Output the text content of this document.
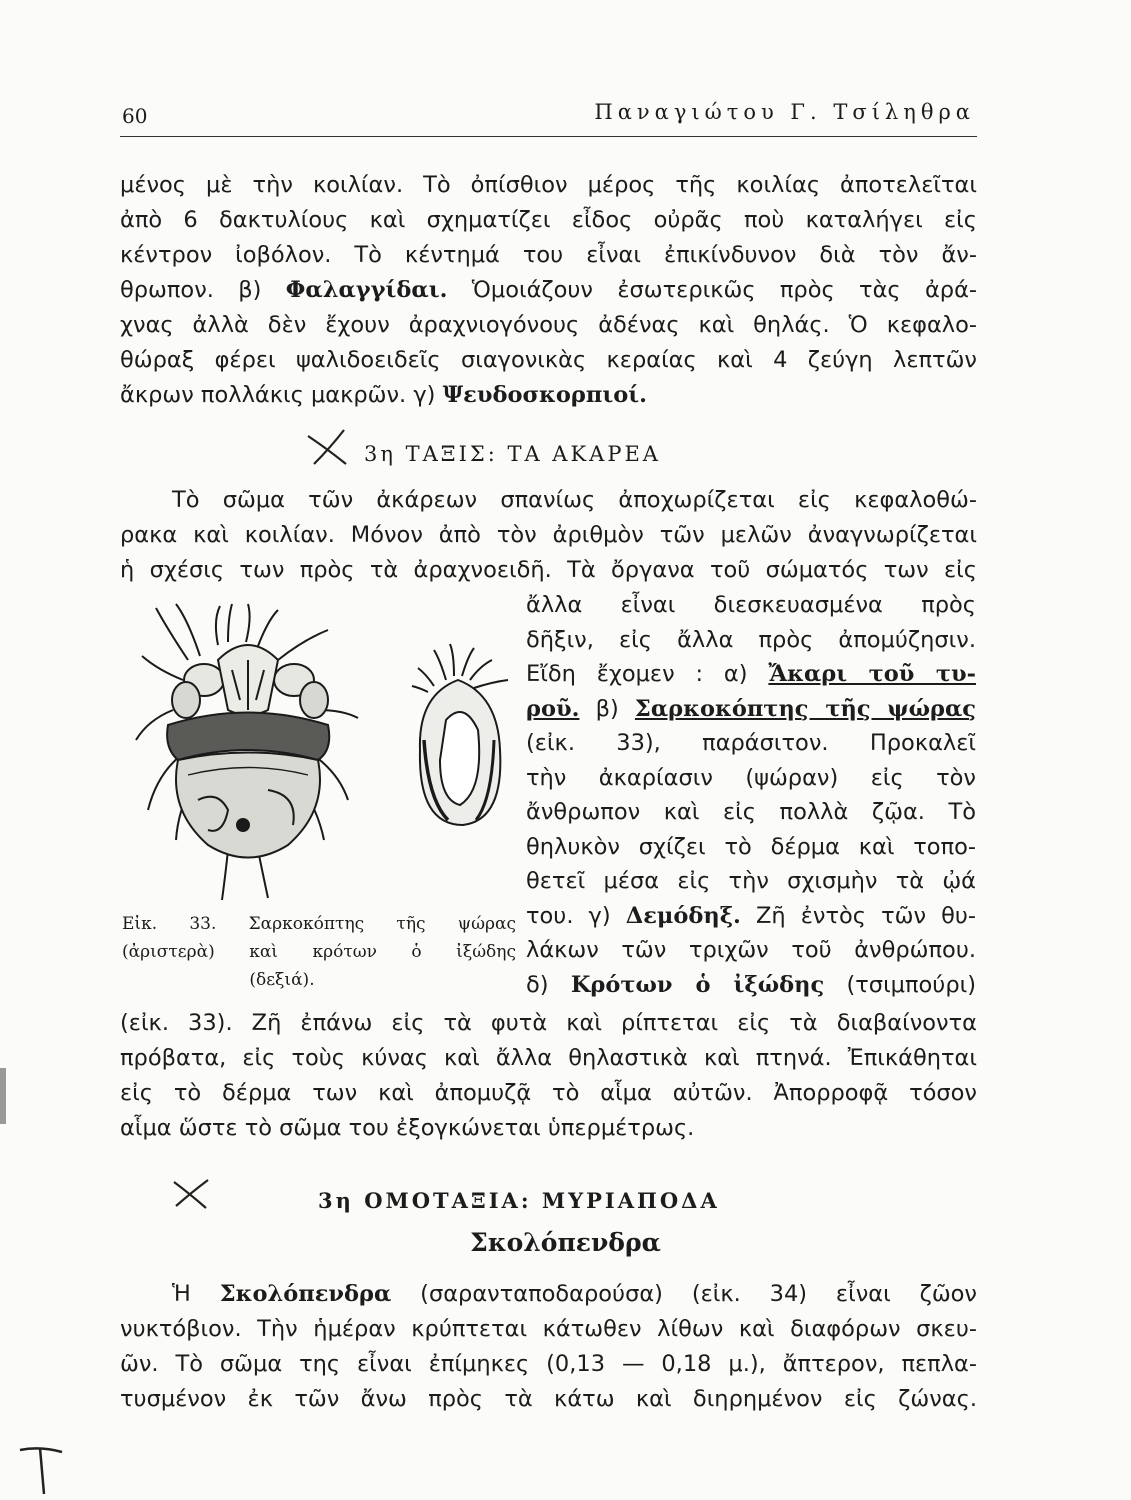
60	Παναγιώτου Γ. Τσίληθρα
μένος μὲ τὴν κοιλίαν. Τὸ ὀπίσθιον μέρος τῆς κοιλίας ἀποτελεῖται
ἀπὸ 6 δακτυλίους καὶ σχηματίζει εἶδος οὐρᾶς ποὺ καταλήγει εἰς
κέντρον ἰοβόλον. Τὸ κέντημά του εἶναι ἐπικίνδυνον διὰ τὸν ἄν-
θρωπον. β) Φαλαγγίδαι. Ὁμοιάζουν ἐσωτερικῶς πρὸς τὰς ἀρά-
χνας ἀλλὰ δὲν ἔχουν ἀραχνιογόνους ἀδένας καὶ θηλάς. Ὁ κεφαλο-
θώραξ φέρει ψαλιδοειδεῖς σιαγονικὰς κεραίας καὶ 4 ζεύγη λεπτῶν
ἄκρων πολλάκις μακρῶν. γ) Ψευδοσκορπιοί.
3η ΤΑΞΙΣ: ΤΑ ΑΚΑΡΕΑ
Τὸ σῶμα τῶν ἀκάρεων σπανίως ἀποχωρίζεται εἰς κεφαλοθώ-
ρακα καὶ κοιλίαν. Μόνον ἀπὸ τὸν ἀριθμὸν τῶν μελῶν ἀναγνωρίζεται
ἡ σχέσις των πρὸς τὰ ἀραχνοειδῆ. Τὰ ὄργανα τοῦ σώματός των εἰς
Εἰκ. 33. Σαρκοκόπτης τῆς ψώρας
(ἀριστερὰ) καὶ κρότων ὁ ἰξώδης
(δεξιά).
ἄλλα εἶναι διεσκευασμένα πρὸς
δῆξιν, εἰς ἄλλα πρὸς ἀπομύζησιν.
Εἴδη ἔχομεν : α) Ἄκαρι τοῦ τυ-
ροῦ. β) Σαρκοκόπτης τῆς ψώρας
(εἰκ. 33), παράσιτον. Προκαλεῖ
τὴν ἀκαρίασιν (ψώραν) εἰς τὸν
ἄνθρωπον καὶ εἰς πολλὰ ζῷα. Τὸ
θηλυκὸν σχίζει τὸ δέρμα καὶ τοπο-
θετεῖ μέσα εἰς τὴν σχισμὴν τὰ ᾠά
του. γ) Δεμόδηξ. Ζῆ ἐντὸς τῶν θυ-
λάκων τῶν τριχῶν τοῦ ἀνθρώπου.
δ) Κρότων ὁ ἰξώδης (τσιμπούρι)
(εἰκ. 33). Ζῆ ἐπάνω εἰς τὰ φυτὰ καὶ ρίπτεται εἰς τὰ διαβαίνοντα
πρόβατα, εἰς τοὺς κύνας καὶ ἄλλα θηλαστικὰ καὶ πτηνά. Ἐπικάθηται
εἰς τὸ δέρμα των καὶ ἀπομυζᾷ τὸ αἷμα αὐτῶν. Ἀπορροφᾷ τόσον
αἷμα ὥστε τὸ σῶμα του ἐξογκώνεται ὑπερμέτρως.
3η ΟΜΟΤΑΞΙΑ: ΜΥΡΙΑΠΟΔΑ
Σκολόπενδρα
Ἡ Σκολόπενδρα (σαρανταποδαρούσα) (εἰκ. 34) εἶναι ζῶον
νυκτόβιον. Τὴν ἡμέραν κρύπτεται κάτωθεν λίθων καὶ διαφόρων σκευ-
ῶν. Τὸ σῶμα της εἶναι ἐπίμηκες (0,13 — 0,18 μ.), ἄπτερον, πεπλα-
τυσμένον ἐκ τῶν ἄνω πρὸς τὰ κάτω καὶ διηρημένον εἰς ζώνας.
